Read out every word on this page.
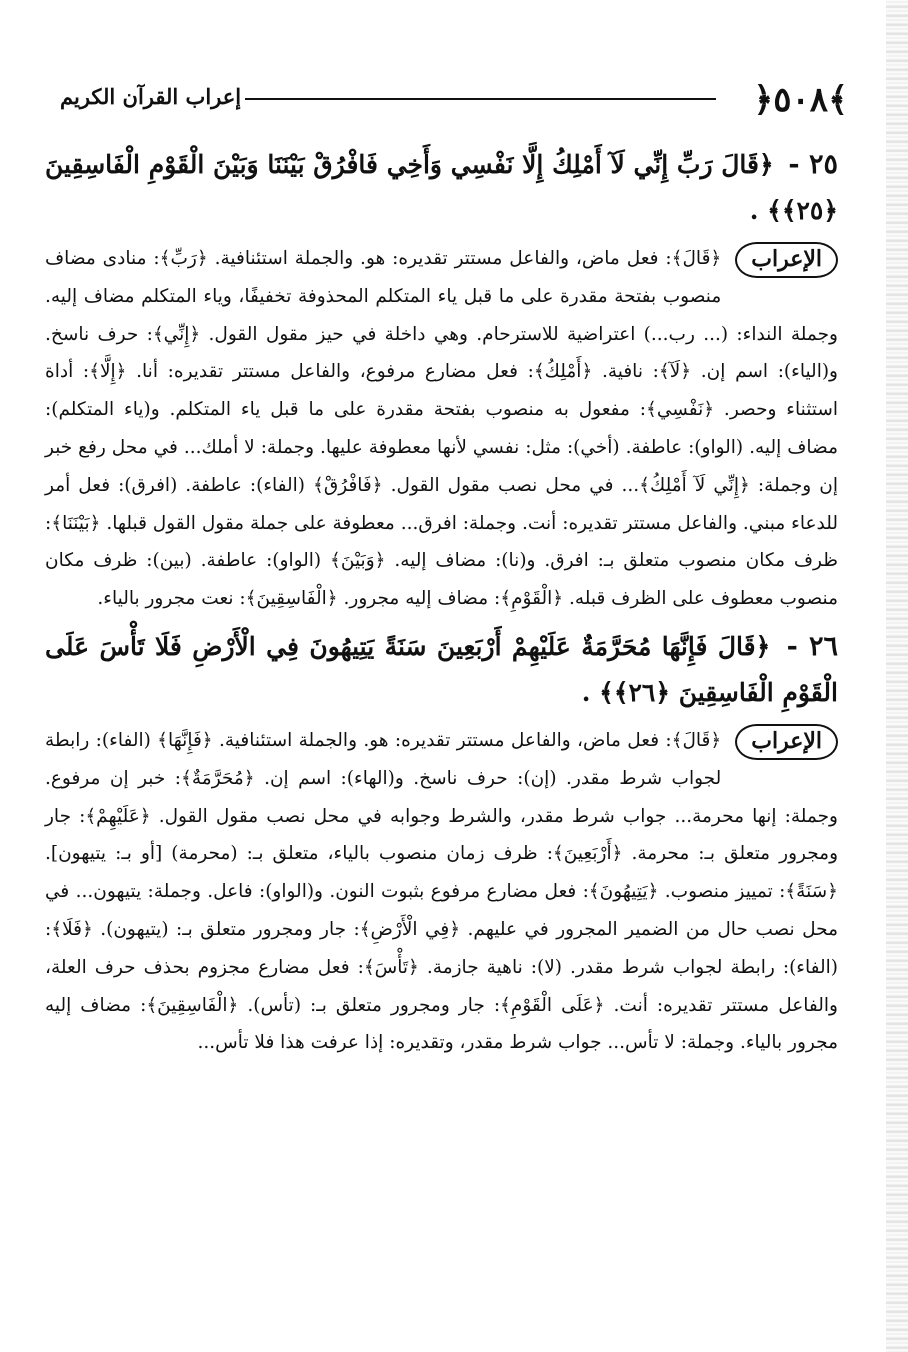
﴿٥٠٨﴾
إعراب القرآن الكريم

٢٥ - ﴿قَالَ رَبِّ إِنِّي لَآ أَمْلِكُ إِلَّا نَفْسِي وَأَخِي فَافْرُقْ بَيْنَنَا وَبَيْنَ الْقَوْمِ الْفَاسِقِينَ ﴿٢٥﴾﴾ .

الإعراب
﴿قَالَ﴾: فعل ماض، والفاعل مستتر تقديره: هو. والجملة استئنافية. ﴿رَبِّ﴾: منادى مضاف منصوب بفتحة مقدرة على ما قبل ياء المتكلم المحذوفة تخفيفًا، وياء المتكلم مضاف إليه. وجملة النداء: (... رب...) اعتراضية للاسترحام. وهي داخلة في حيز مقول القول. ﴿إِنِّي﴾: حرف ناسخ. و(الياء): اسم إن. ﴿لَآ﴾: نافية. ﴿أَمْلِكُ﴾: فعل مضارع مرفوع، والفاعل مستتر تقديره: أنا. ﴿إِلَّا﴾: أداة استثناء وحصر. ﴿نَفْسِي﴾: مفعول به منصوب بفتحة مقدرة على ما قبل ياء المتكلم. و(ياء المتكلم): مضاف إليه. (الواو): عاطفة. (أخي): مثل: نفسي لأنها معطوفة عليها. وجملة: لا أملك... في محل رفع خبر إن وجملة: ﴿إِنِّي لَآ أَمْلِكُ﴾... في محل نصب مقول القول. ﴿فَافْرُقْ﴾ (الفاء): عاطفة. (افرق): فعل أمر للدعاء مبني. والفاعل مستتر تقديره: أنت. وجملة: افرق... معطوفة على جملة مقول القول قبلها. ﴿بَيْنَنَا﴾: ظرف مكان منصوب متعلق بـ: افرق. و(نا): مضاف إليه. ﴿وَبَيْنَ﴾ (الواو): عاطفة. (بين): ظرف مكان منصوب معطوف على الظرف قبله. ﴿الْقَوْمِ﴾: مضاف إليه مجرور. ﴿الْفَاسِقِينَ﴾: نعت مجرور بالياء.

٢٦ - ﴿قَالَ فَإِنَّهَا مُحَرَّمَةٌ عَلَيْهِمْ أَرْبَعِينَ سَنَةً يَتِيهُونَ فِي الْأَرْضِ فَلَا تَأْسَ عَلَى الْقَوْمِ الْفَاسِقِينَ ﴿٢٦﴾﴾ .

الإعراب
﴿قَالَ﴾: فعل ماض، والفاعل مستتر تقديره: هو. والجملة استئنافية. ﴿فَإِنَّهَا﴾ (الفاء): رابطة لجواب شرط مقدر. (إن): حرف ناسخ. و(الهاء): اسم إن. ﴿مُحَرَّمَةٌ﴾: خبر إن مرفوع. وجملة: إنها محرمة... جواب شرط مقدر، والشرط وجوابه في محل نصب مقول القول. ﴿عَلَيْهِمْ﴾: جار ومجرور متعلق بـ: محرمة. ﴿أَرْبَعِينَ﴾: ظرف زمان منصوب بالياء، متعلق بـ: (محرمة) [أو بـ: يتيهون]. ﴿سَنَةً﴾: تمييز منصوب. ﴿يَتِيهُونَ﴾: فعل مضارع مرفوع بثبوت النون. و(الواو): فاعل. وجملة: يتيهون... في محل نصب حال من الضمير المجرور في عليهم. ﴿فِي الْأَرْضِ﴾: جار ومجرور متعلق بـ: (يتيهون). ﴿فَلَا﴾: (الفاء): رابطة لجواب شرط مقدر. (لا): ناهية جازمة. ﴿تَأْسَ﴾: فعل مضارع مجزوم بحذف حرف العلة، والفاعل مستتر تقديره: أنت. ﴿عَلَى الْقَوْمِ﴾: جار ومجرور متعلق بـ: (تأس). ﴿الْفَاسِقِينَ﴾: مضاف إليه مجرور بالياء. وجملة: لا تأس... جواب شرط مقدر، وتقديره: إذا عرفت هذا فلا تأس...
